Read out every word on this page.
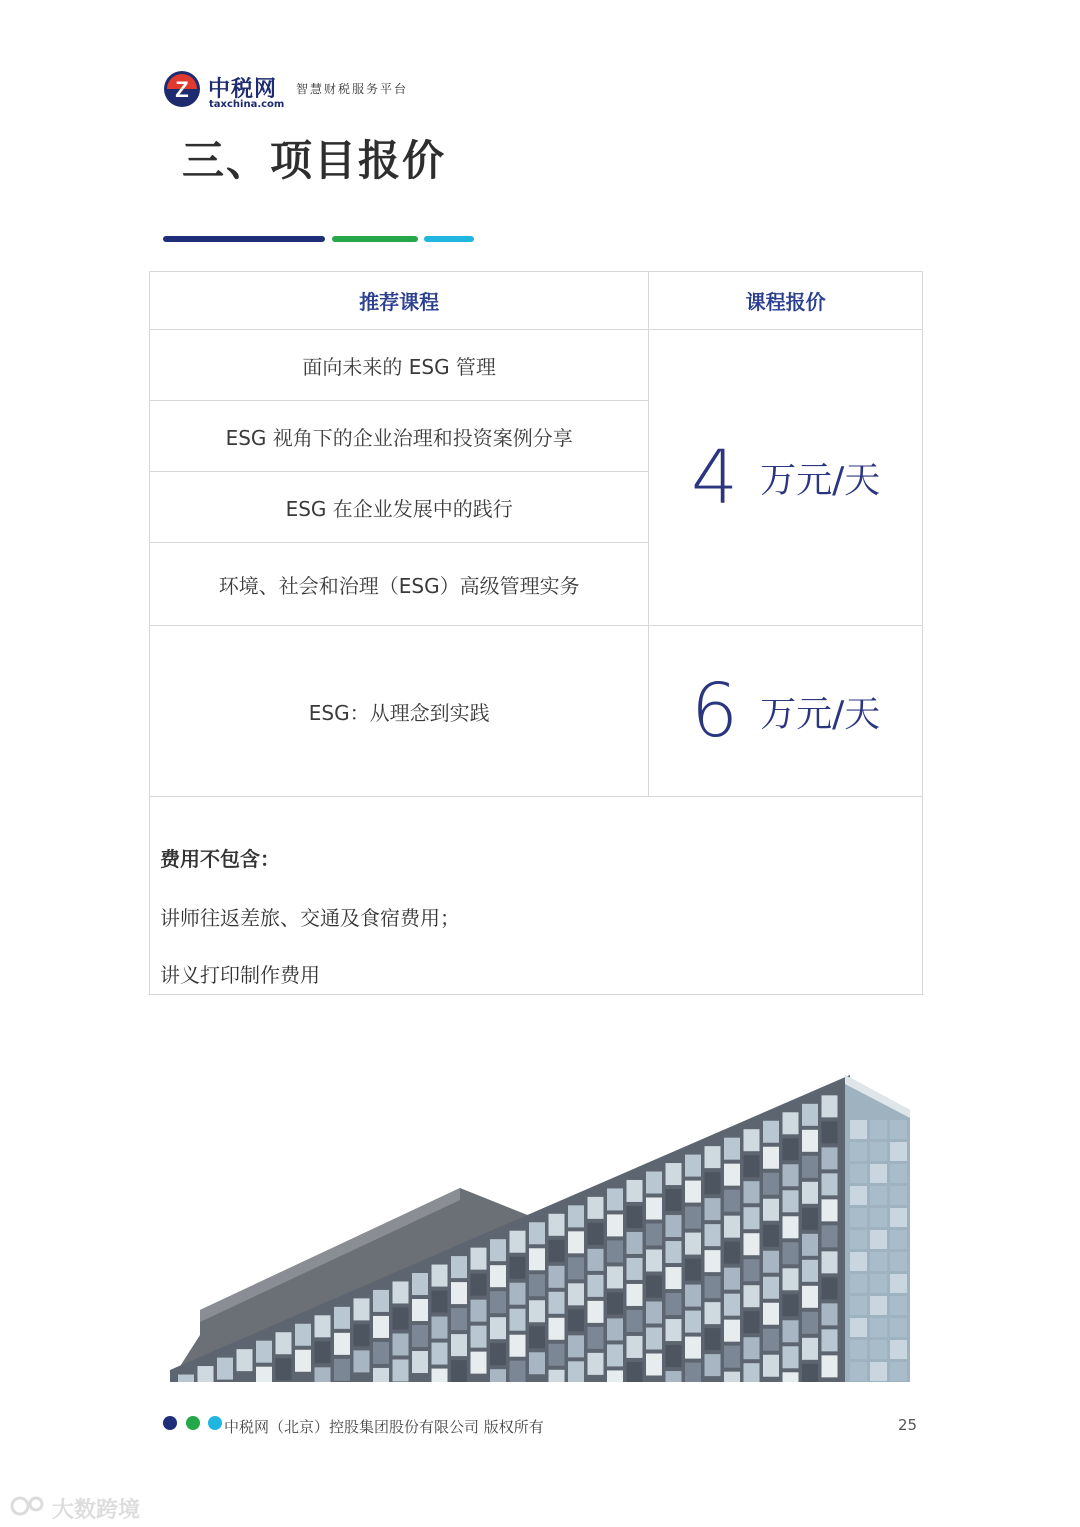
Z 中税网
taxchina.com
智慧财税服务平台
三、项目报价
推荐课程	课程报价
面向未来的 ESG 管理	4 万元/天
ESG 视角下的企业治理和投资案例分享	
ESG 在企业发展中的践行	
环境、社会和治理（ESG）高级管理实务	
ESG：从理念到实践	6 万元/天

费用不包含：
讲师往返差旅、交通及食宿费用；
讲义打印制作费用	
中税网（北京）控股集团股份有限公司 版权所有	25
大数跨境
